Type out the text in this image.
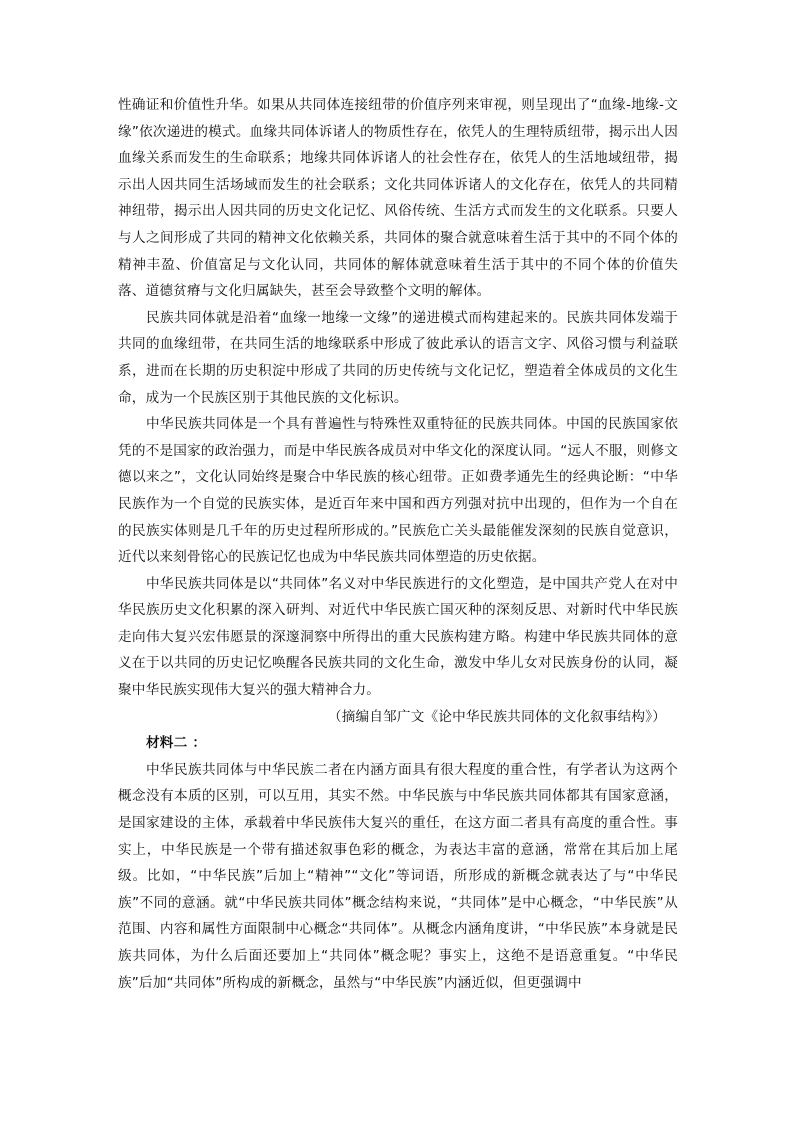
性确证和价值性升华。如果从共同体连接纽带的价值序列来审视，则呈现出了“血缘-地缘-文缘”依次递进的模式。血缘共同体诉诸人的物质性存在，依凭人的生理特质纽带，揭示出人因血缘关系而发生的生命联系；地缘共同体诉诸人的社会性存在，依凭人的生活地域纽带，揭示出人因共同生活场域而发生的社会联系；文化共同体诉诸人的文化存在，依凭人的共同精神纽带，揭示出人因共同的历史文化记忆、风俗传统、生活方式而发生的文化联系。只要人与人之间形成了共同的精神文化依赖关系，共同体的聚合就意味着生活于其中的不同个体的精神丰盈、价值富足与文化认同，共同体的解体就意味着生活于其中的不同个体的价值失落、道德贫瘠与文化归属缺失，甚至会导致整个文明的解体。

民族共同体就是沿着“血缘一地缘一文缘”的递进模式而构建起来的。民族共同体发端于共同的血缘纽带，在共同生活的地缘联系中形成了彼此承认的语言文字、风俗习惯与利益联系，进而在长期的历史积淀中形成了共同的历史传统与文化记忆，塑造着全体成员的文化生命，成为一个民族区别于其他民族的文化标识。

中华民族共同体是一个具有普遍性与特殊性双重特征的民族共同体。中国的民族国家依凭的不是国家的政治强力，而是中华民族各成员对中华文化的深度认同。“远人不服，则修文德以来之”，文化认同始终是聚合中华民族的核心纽带。正如费孝通先生的经典论断：“中华民族作为一个自觉的民族实体，是近百年来中国和西方列强对抗中出现的，但作为一个自在的民族实体则是几千年的历史过程所形成的。”民族危亡关头最能催发深刻的民族自觉意识，近代以来刻骨铭心的民族记忆也成为中华民族共同体塑造的历史依据。

中华民族共同体是以“共同体”名义对中华民族进行的文化塑造，是中国共产党人在对中华民族历史文化积累的深入研判、对近代中华民族亡国灭种的深刻反思、对新时代中华民族走向伟大复兴宏伟愿景的深邃洞察中所得出的重大民族构建方略。构建中华民族共同体的意义在于以共同的历史记忆唤醒各民族共同的文化生命，激发中华儿女对民族身份的认同，凝聚中华民族实现伟大复兴的强大精神合力。

（摘编自邹广文《论中华民族共同体的文化叙事结构》）

材料二 ：

中华民族共同体与中华民族二者在内涵方面具有很大程度的重合性，有学者认为这两个概念没有本质的区别，可以互用，其实不然。中华民族与中华民族共同体都其有国家意涵，是国家建设的主体，承载着中华民族伟大复兴的重任，在这方面二者具有高度的重合性。事实上，中华民族是一个带有描述叙事色彩的概念，为表达丰富的意涵，常常在其后加上尾级。比如，“中华民族”后加上“精神”“文化”等词语，所形成的新概念就表达了与“中华民族”不同的意涵。就“中华民族共同体”概念结构来说，“共同体”是中心概念，“中华民族”从范围、内容和属性方面限制中心概念“共同体”。从概念内涵角度讲，“中华民族”本身就是民族共同体，为什么后面还要加上“共同体”概念呢？事实上，这绝不是语意重复。“中华民族”后加“共同体”所构成的新概念，虽然与“中华民族”内涵近似，但更强调中
